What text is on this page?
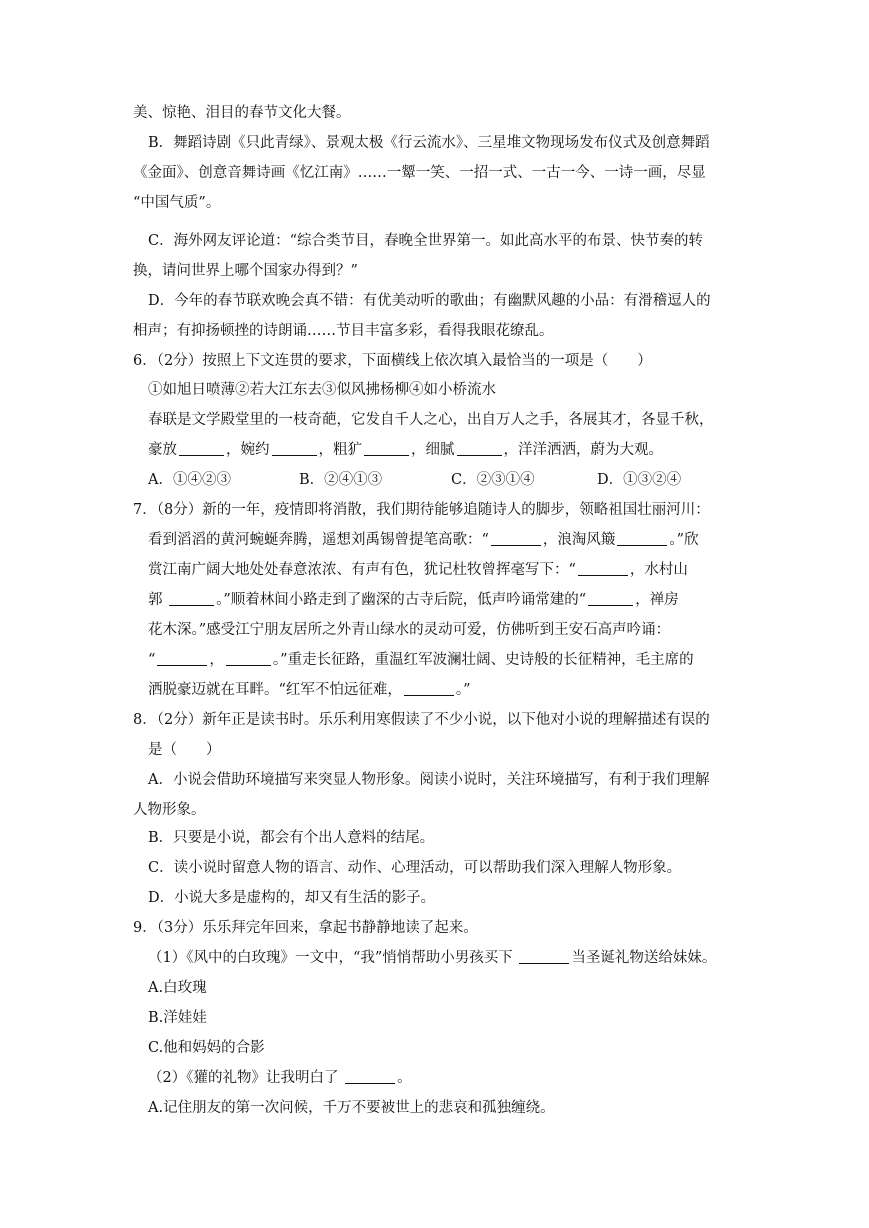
美、惊艳、泪目的春节文化大餐。
B．舞蹈诗剧《只此青绿》、景观太极《行云流水》、三星堆文物现场发布仪式及创意舞蹈
《金面》、创意音舞诗画《忆江南》……一颦一笑、一招一式、一古一今、一诗一画，尽显
“中国气质”。
C．海外网友评论道：“综合类节目，春晚全世界第一。如此高水平的布景、快节奏的转
换，请问世界上哪个国家办得到？”
D．今年的春节联欢晚会真不错：有优美动听的歌曲；有幽默风趣的小品：有滑稽逗人的
相声；有抑扬顿挫的诗朗诵……节目丰富多彩，看得我眼花缭乱。
6．（2分）按照上下文连贯的要求，下面横线上依次填入最恰当的一项是（　　）
①如旭日喷薄②若大江东去③似风拂杨柳④如小桥流水
春联是文学殿堂里的一枝奇葩，它发自千人之心，出自万人之手，各展其才，各显千秋，
豪放	，婉约	，粗犷	，细腻	，洋洋洒洒，蔚为大观。
A．①④②③	B．②④①③	C．②③①④	D．①③②④
7．（8分）新的一年，疫情即将消散，我们期待能够追随诗人的脚步，领略祖国壮丽河川：
看到滔滔的黄河蜿蜒奔腾，遥想刘禹锡曾提笔高歌：“	，浪淘风簸	。”欣
赏江南广阔大地处处春意浓浓、有声有色，犹记杜牧曾挥毫写下：“	，水村山
郭	。”顺着林间小路走到了幽深的古寺后院，低声吟诵常建的“	，禅房
花木深。”感受江宁朋友居所之外青山绿水的灵动可爱，仿佛听到王安石高声吟诵：
“	，	。”重走长征路，重温红军波澜壮阔、史诗般的长征精神，毛主席的
洒脱豪迈就在耳畔。“红军不怕远征难，	。”
8．（2分）新年正是读书时。乐乐利用寒假读了不少小说，以下他对小说的理解描述有误的
是（　　）
A．小说会借助环境描写来突显人物形象。阅读小说时，关注环境描写，有利于我们理解
人物形象。
B．只要是小说，都会有个出人意料的结尾。
C．读小说时留意人物的语言、动作、心理活动，可以帮助我们深入理解人物形象。
D．小说大多是虚构的，却又有生活的影子。
9．（3分）乐乐拜完年回来，拿起书静静地读了起来。
（1）《风中的白玫瑰》一文中，“我”悄悄帮助小男孩买下	当圣诞礼物送给妹妹。
A.白玫瑰
B.洋娃娃
C.他和妈妈的合影
（2）《獾的礼物》让我明白了	。
A.记住朋友的第一次问候，千万不要被世上的悲哀和孤独缠绕。
